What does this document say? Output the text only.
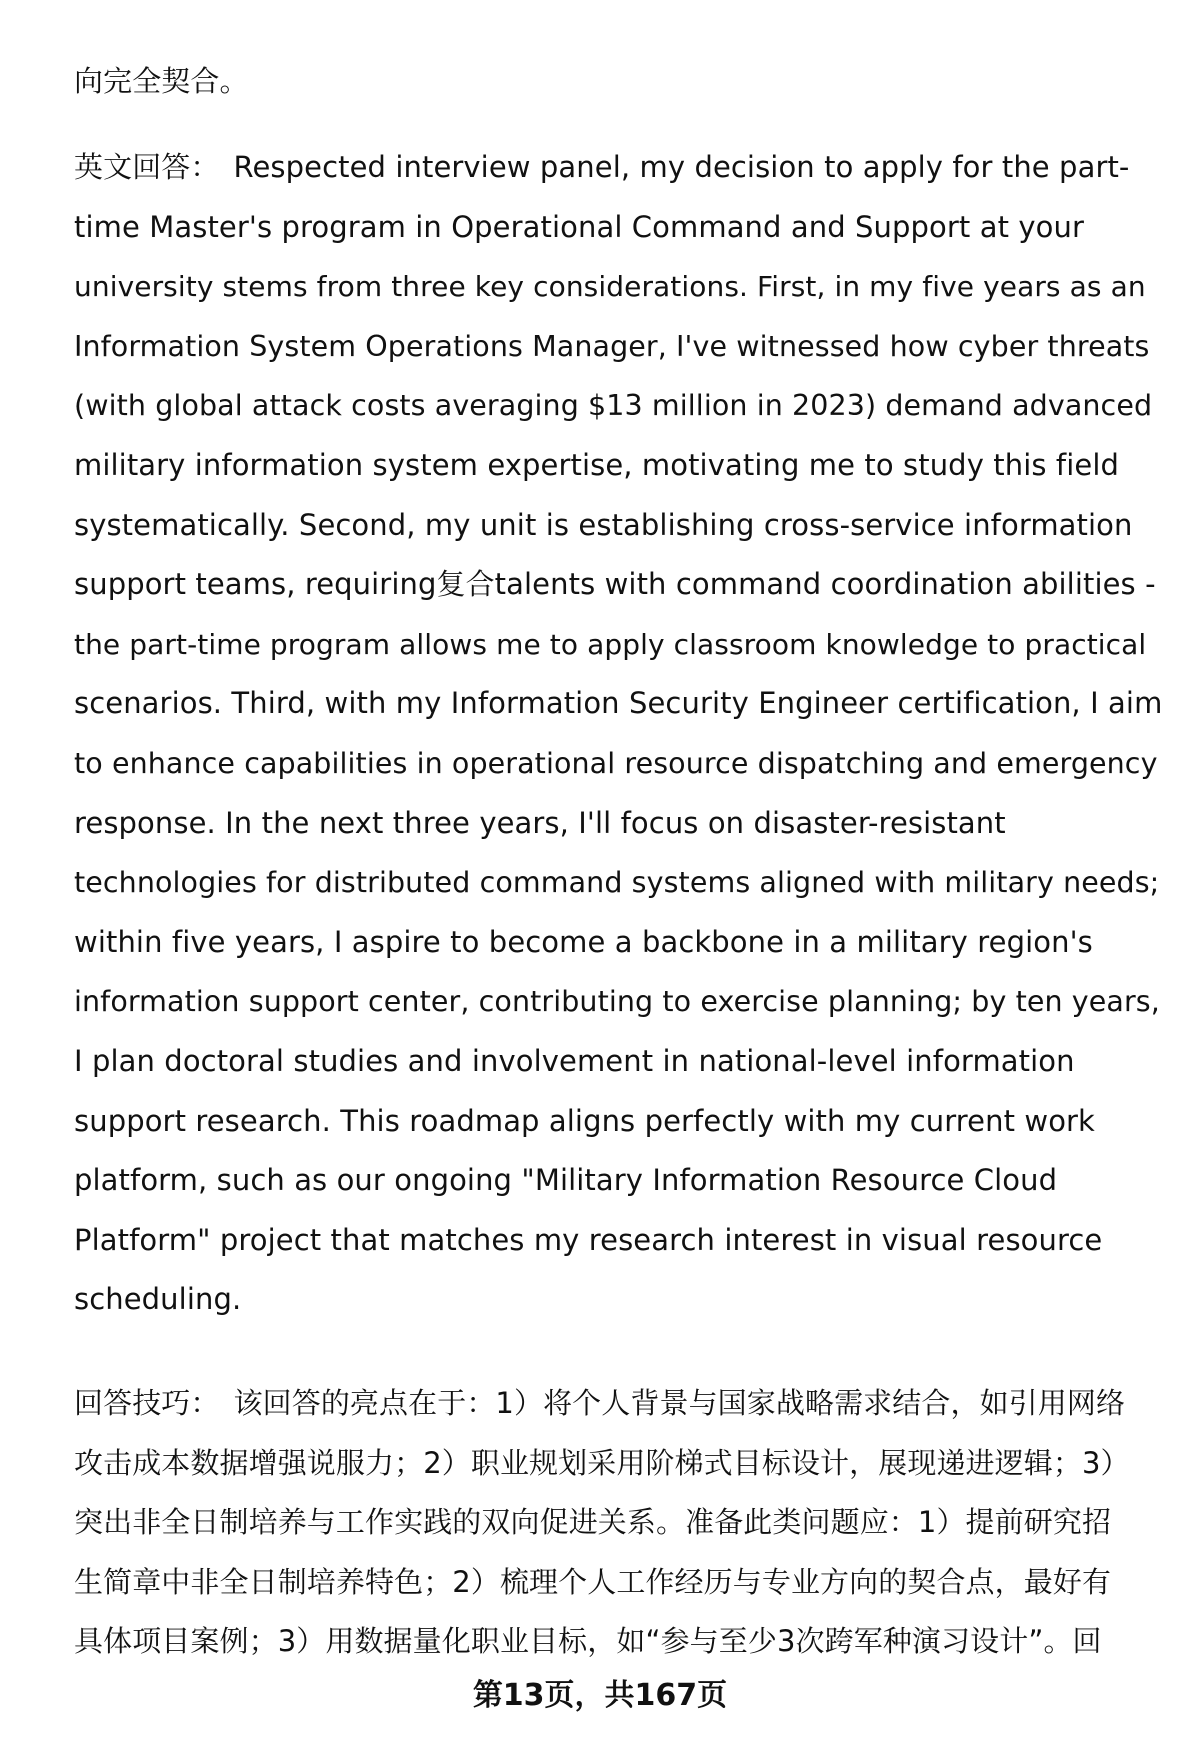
向完全契合。
英文回答： Respected interview panel, my decision to apply for the part-
time Master's program in Operational Command and Support at your
university stems from three key considerations. First, in my five years as an
Information System Operations Manager, I've witnessed how cyber threats
(with global attack costs averaging $13 million in 2023) demand advanced
military information system expertise, motivating me to study this field
systematically. Second, my unit is establishing cross-service information
support teams, requiring复合talents with command coordination abilities -
the part-time program allows me to apply classroom knowledge to practical
scenarios. Third, with my Information Security Engineer certification, I aim
to enhance capabilities in operational resource dispatching and emergency
response. In the next three years, I'll focus on disaster-resistant
technologies for distributed command systems aligned with military needs;
within five years, I aspire to become a backbone in a military region's
information support center, contributing to exercise planning; by ten years,
I plan doctoral studies and involvement in national-level information
support research. This roadmap aligns perfectly with my current work
platform, such as our ongoing "Military Information Resource Cloud
Platform" project that matches my research interest in visual resource
scheduling.
回答技巧： 该回答的亮点在于：1）将个人背景与国家战略需求结合，如引用网络
攻击成本数据增强说服力；2）职业规划采用阶梯式目标设计，展现递进逻辑；3）
突出非全日制培养与工作实践的双向促进关系。准备此类问题应：1）提前研究招
生简章中非全日制培养特色；2）梳理个人工作经历与专业方向的契合点，最好有
具体项目案例；3）用数据量化职业目标，如“参与至少3次跨军种演习设计”。回
第13页，共167页
